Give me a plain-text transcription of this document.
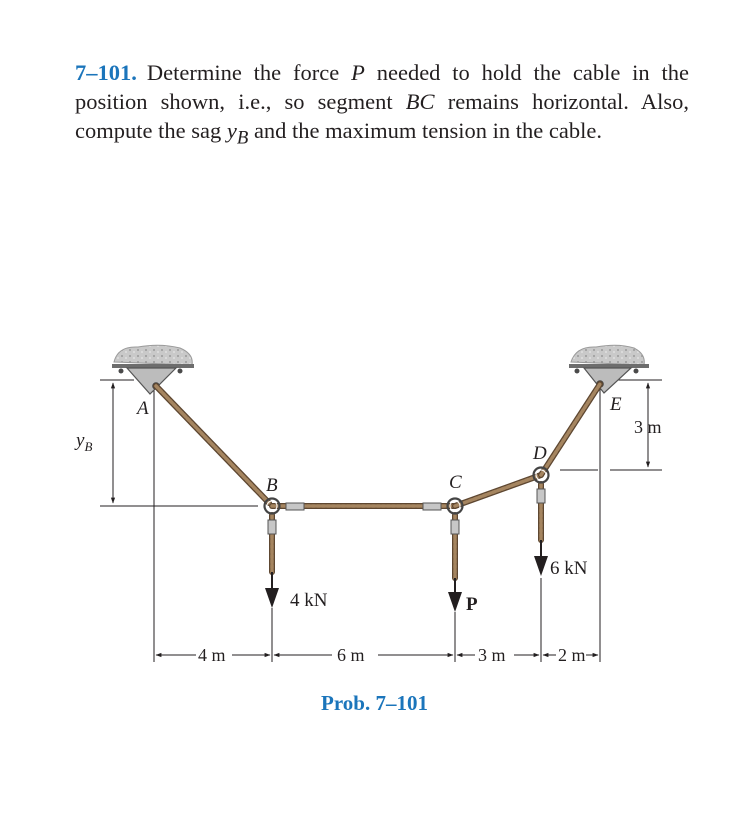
7–101. Determine the force P needed to hold the cable in the position shown, i.e., so segment BC remains horizontal. Also, compute the sag $y_B$ and the maximum tension in the cable.

A
B	C
D
E
4 kN	P
6 kN
$y_B$
3 m
4 m	6 m	3 m	2 m
Prob. 7–101
